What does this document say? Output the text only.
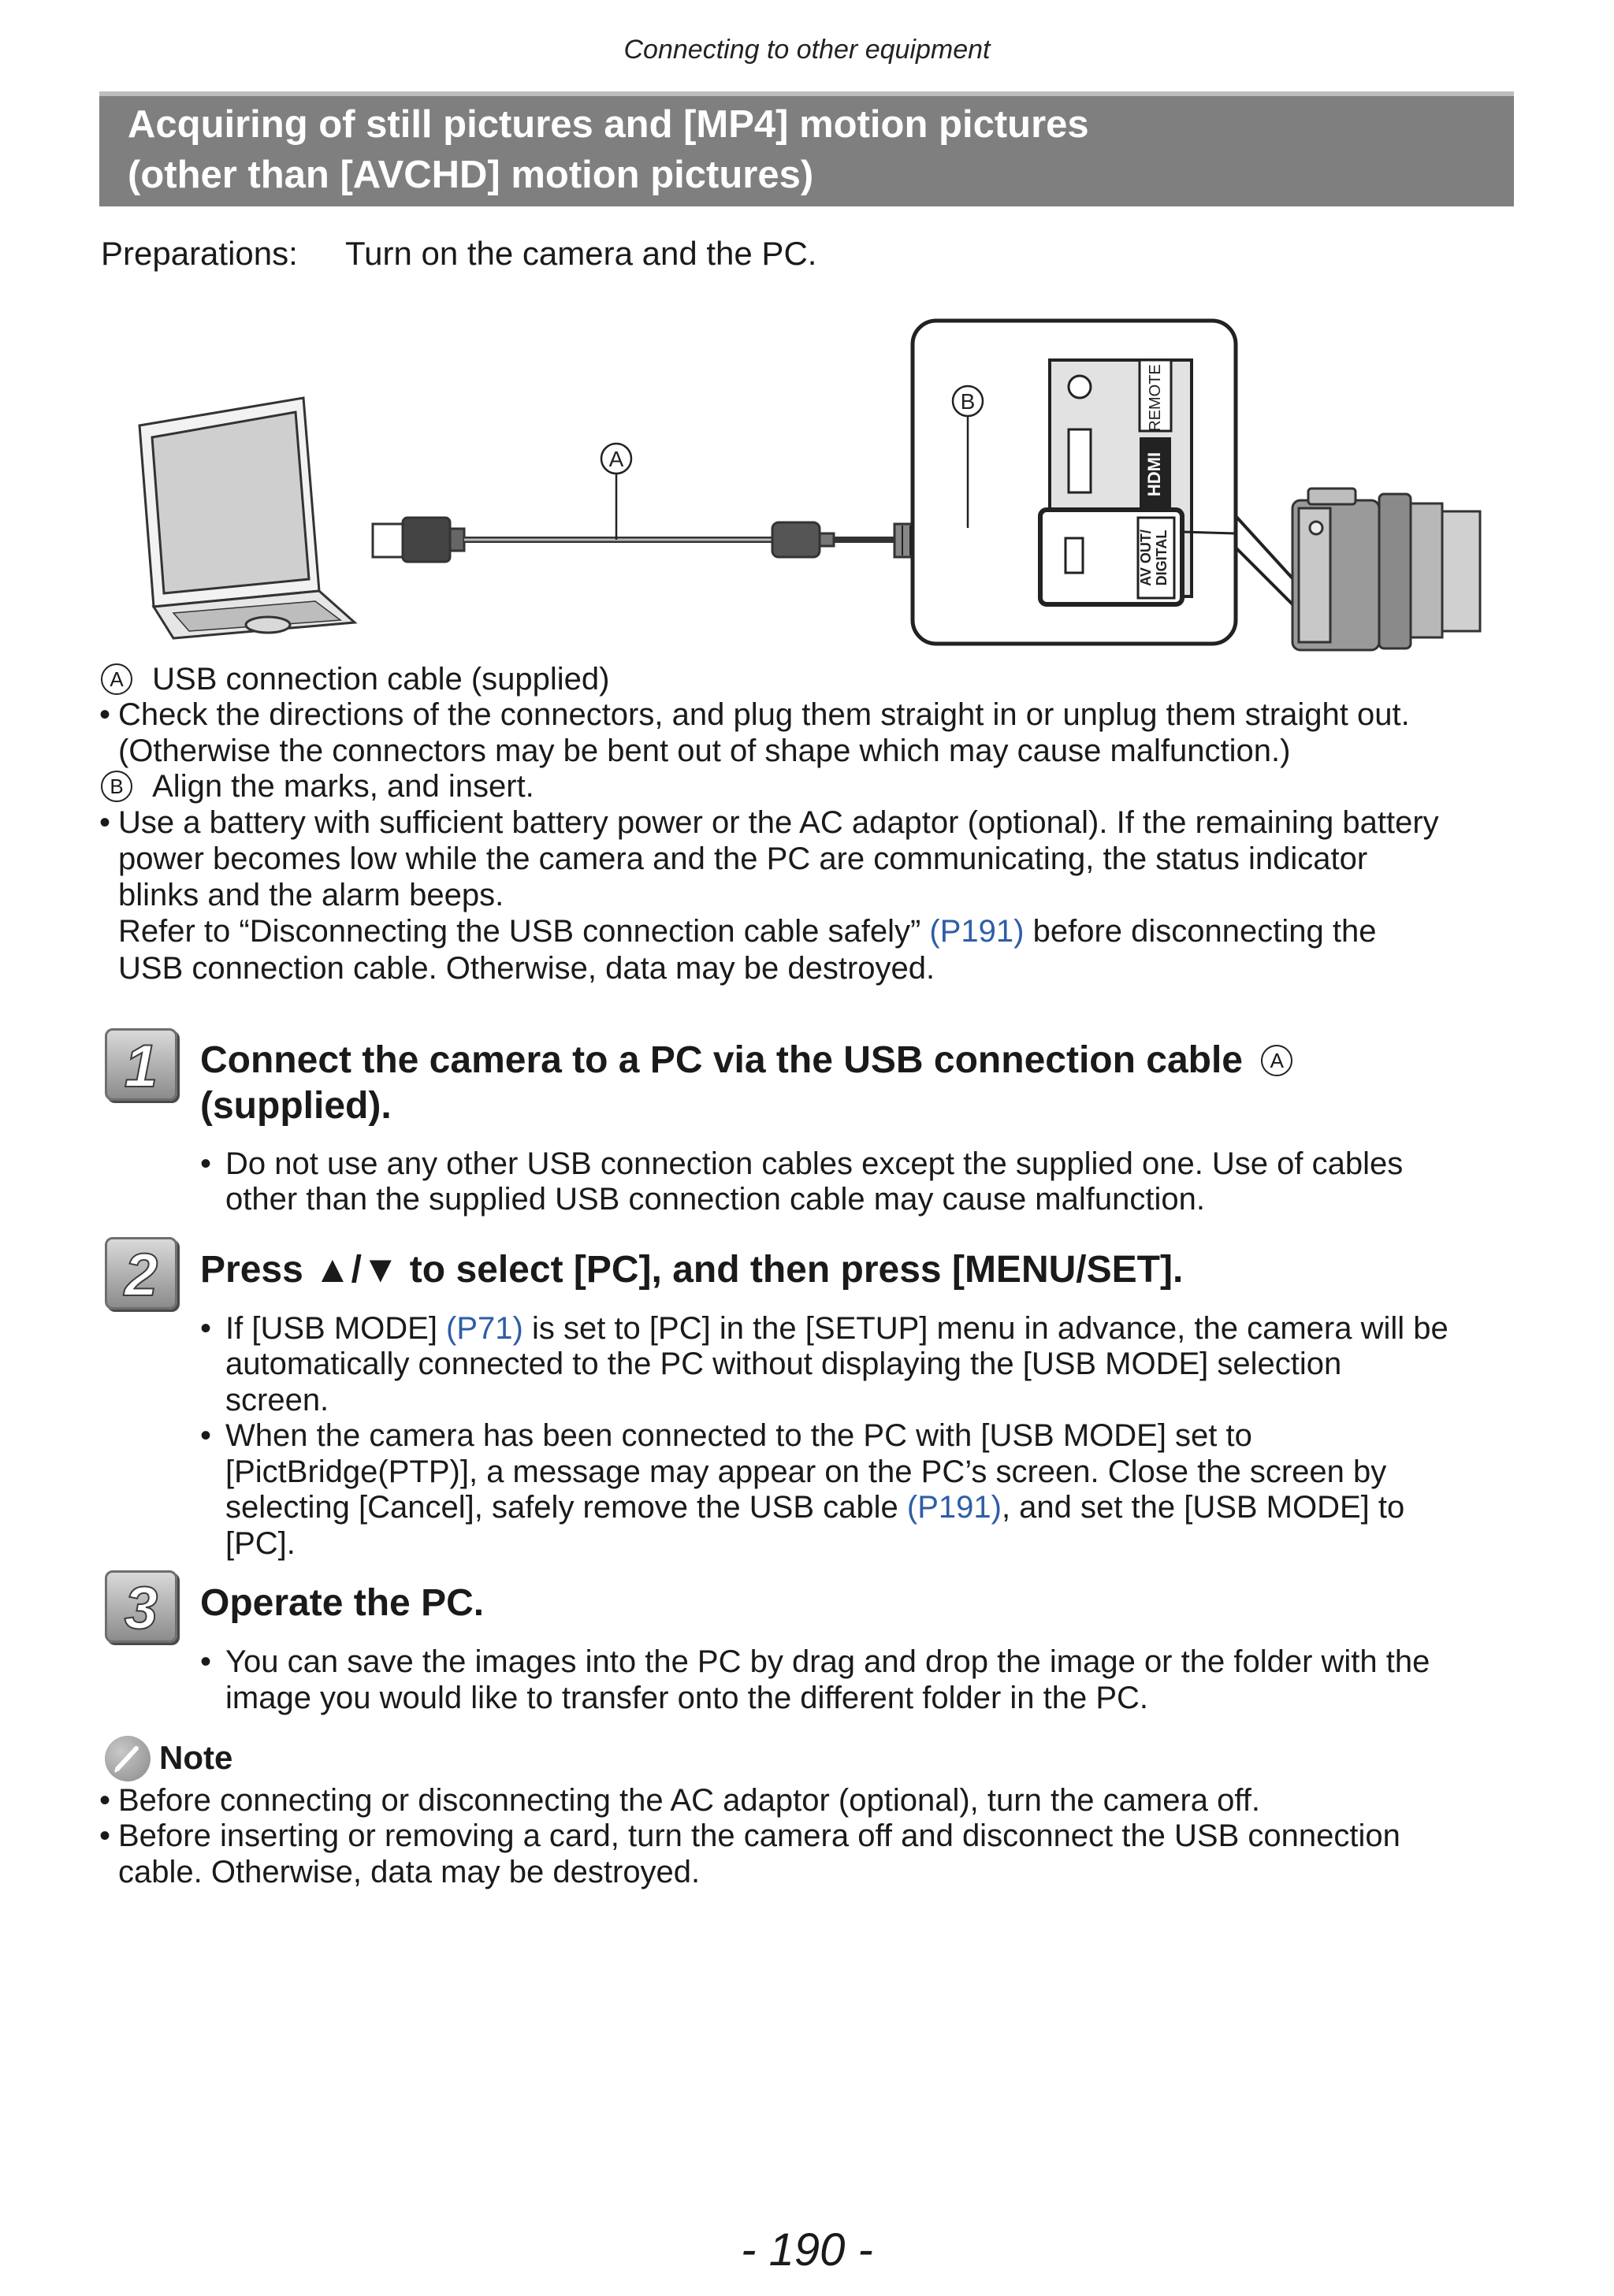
Connecting to other equipment
Acquiring of still pictures and [MP4] motion pictures
(other than [AVCHD] motion pictures)
Preparations: Turn on the camera and the PC.
A
REMOTE
HDMI
AV OUT/ DIGITAL
B
A USB connection cable (supplied)
• Check the directions of the connectors, and plug them straight in or unplug them straight out.
(Otherwise the connectors may be bent out of shape which may cause malfunction.)
B Align the marks, and insert.
• Use a battery with sufficient battery power or the AC adaptor (optional). If the remaining battery
power becomes low while the camera and the PC are communicating, the status indicator
blinks and the alarm beeps.
Refer to “Disconnecting the USB connection cable safely” (P191) before disconnecting the
USB connection cable. Otherwise, data may be destroyed.
1	Connect the camera to a PC via the USB connection cable A
(supplied).
• Do not use any other USB connection cables except the supplied one. Use of cables
other than the supplied USB connection cable may cause malfunction.
2	Press ▲/▼ to select [PC], and then press [MENU/SET].
• If [USB MODE] (P71) is set to [PC] in the [SETUP] menu in advance, the camera will be
automatically connected to the PC without displaying the [USB MODE] selection
screen.
• When the camera has been connected to the PC with [USB MODE] set to
[PictBridge(PTP)], a message may appear on the PC’s screen. Close the screen by
selecting [Cancel], safely remove the USB cable (P191), and set the [USB MODE] to
[PC].
3	Operate the PC.
• You can save the images into the PC by drag and drop the image or the folder with the
image you would like to transfer onto the different folder in the PC.
Note
• Before connecting or disconnecting the AC adaptor (optional), turn the camera off.
• Before inserting or removing a card, turn the camera off and disconnect the USB connection
cable. Otherwise, data may be destroyed.
- 190 -
